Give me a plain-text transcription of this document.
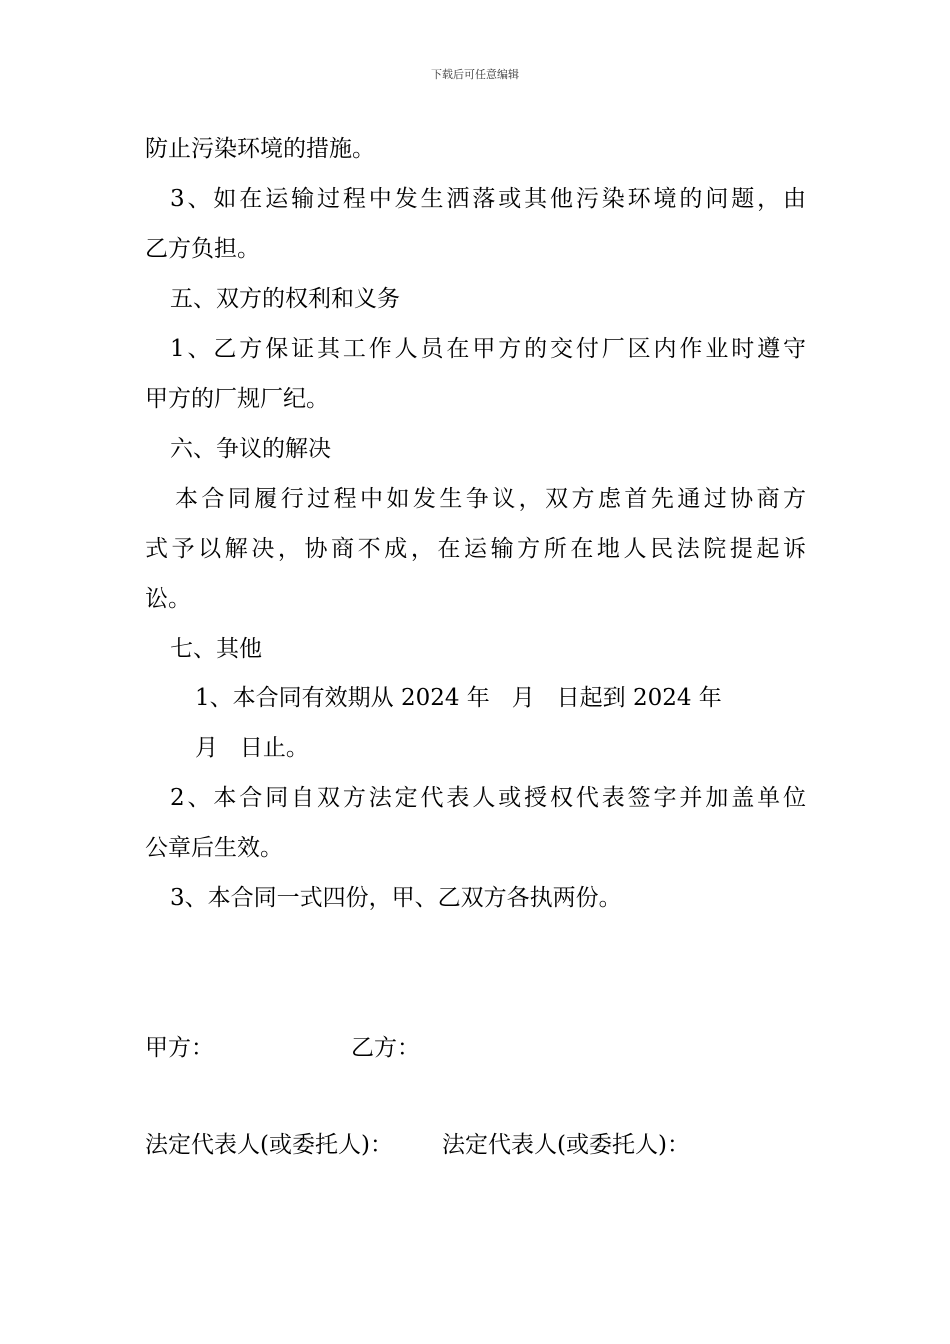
下载后可任意编辑
防止污染环境的措施。
3、如在运输过程中发生洒落或其他污染环境的问题，由
乙方负担。
五、双方的权利和义务
1、乙方保证其工作人员在甲方的交付厂区内作业时遵守
甲方的厂规厂纪。
六、争议的解决
本合同履行过程中如发生争议，双方虑首先通过协商方
式予以解决，协商不成，在运输方所在地人民法院提起诉
讼。
七、其他
1、本合同有效期从 2024 年   月   日起到 2024 年
月   日止。
2、本合同自双方法定代表人或授权代表签字并加盖单位
公章后生效。
3、本合同一式四份，甲、乙双方各执两份。
甲方：	乙方：
法定代表人(或委托人)： 法定代表人(或委托人)：
